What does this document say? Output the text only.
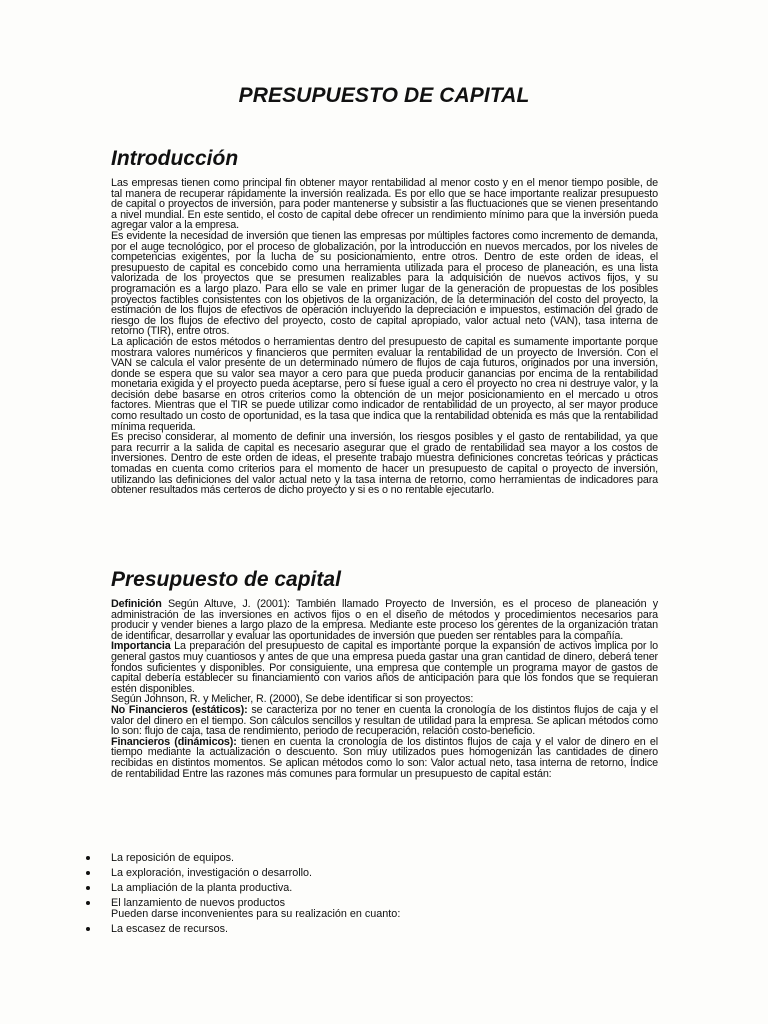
PRESUPUESTO DE CAPITAL
Introducción

Las empresas tienen como principal fin obtener mayor rentabilidad al menor costo y en el menor tiempo posible, de tal manera de recuperar rápidamente la inversión realizada. Es por ello que se hace importante realizar presupuesto de capital o proyectos de inversión, para poder mantenerse y subsistir a las fluctuaciones que se vienen presentando a nivel mundial. En este sentido, el costo de capital debe ofrecer un rendimiento mínimo para que la inversión pueda agregar valor a la empresa.

Es evidente la necesidad de inversión que tienen las empresas por múltiples factores como incremento de demanda, por el auge tecnológico, por el proceso de globalización, por la introducción en nuevos mercados, por los niveles de competencias exigentes, por la lucha de su posicionamiento, entre otros. Dentro de este orden de ideas, el presupuesto de capital es concebido como una herramienta utilizada para el proceso de planeación, es una lista valorizada de los proyectos que se presumen realizables para la adquisición de nuevos activos fijos, y su programación es a largo plazo. Para ello se vale en primer lugar de la generación de propuestas de los posibles proyectos factibles consistentes con los objetivos de la organización, de la determinación del costo del proyecto, la estimación de los flujos de efectivos de operación incluyendo la depreciación e impuestos, estimación del grado de riesgo de los flujos de efectivo del proyecto, costo de capital apropiado, valor actual neto (VAN), tasa interna de retorno (TIR), entre otros.

La aplicación de estos métodos o herramientas dentro del presupuesto de capital es sumamente importante porque mostrara valores numéricos y financieros que permiten evaluar la rentabilidad de un proyecto de Inversión. Con el VAN se calcula el valor presente de un determinado número de flujos de caja futuros, originados por una inversión, donde se espera que su valor sea mayor a cero para que pueda producir ganancias por encima de la rentabilidad monetaria exigida y el proyecto pueda aceptarse, pero si fuese igual a cero el proyecto no crea ni destruye valor, y la decisión debe basarse en otros criterios como la obtención de un mejor posicionamiento en el mercado u otros factores. Mientras que el TIR se puede utilizar como indicador de rentabilidad de un proyecto, al ser mayor produce como resultado un costo de oportunidad, es la tasa que indica que la rentabilidad obtenida es más que la rentabilidad mínima requerida.

Es preciso considerar, al momento de definir una inversión, los riesgos posibles y el gasto de rentabilidad, ya que para recurrir a la salida de capital es necesario asegurar que el grado de rentabilidad sea mayor a los costos de inversiones. Dentro de este orden de ideas, el presente trabajo muestra definiciones concretas teóricas y prácticas tomadas en cuenta como criterios para el momento de hacer un presupuesto de capital o proyecto de inversión, utilizando las definiciones del valor actual neto y la tasa interna de retorno, como herramientas de indicadores para obtener resultados más certeros de dicho proyecto y si es o no rentable ejecutarlo.

Presupuesto de capital

Definición Según Altuve, J. (2001): También llamado Proyecto de Inversión, es el proceso de planeación y administración de las inversiones en activos fijos o en el diseño de métodos y procedimientos necesarios para producir y vender bienes a largo plazo de la empresa. Mediante este proceso los gerentes de la organización tratan de identificar, desarrollar y evaluar las oportunidades de inversión que pueden ser rentables para la compañía.

Importancia La preparación del presupuesto de capital es importante porque la expansión de activos implica por lo general gastos muy cuantiosos y antes de que una empresa pueda gastar una gran cantidad de dinero, deberá tener fondos suficientes y disponibles. Por consiguiente, una empresa que contemple un programa mayor de gastos de capital debería establecer su financiamiento con varios años de anticipación para que los fondos que se requieran estén disponibles.

Según Johnson, R. y Melicher, R. (2000), Se debe identificar si son proyectos:

No Financieros (estáticos): se caracteriza por no tener en cuenta la cronología de los distintos flujos de caja y el valor del dinero en el tiempo. Son cálculos sencillos y resultan de utilidad para la empresa. Se aplican métodos como lo son: flujo de caja, tasa de rendimiento, periodo de recuperación, relación costo-beneficio.

Financieros (dinámicos): tienen en cuenta la cronología de los distintos flujos de caja y el valor de dinero en el tiempo mediante la actualización o descuento. Son muy utilizados pues homogenizan las cantidades de dinero recibidas en distintos momentos. Se aplican métodos como lo son: Valor actual neto, tasa interna de retorno, Índice de rentabilidad Entre las razones más comunes para formular un presupuesto de capital están:

La reposición de equipos.
La exploración, investigación o desarrollo.
La ampliación de la planta productiva.
El lanzamiento de nuevos productos
Pueden darse inconvenientes para su realización en cuanto:
La escasez de recursos.
